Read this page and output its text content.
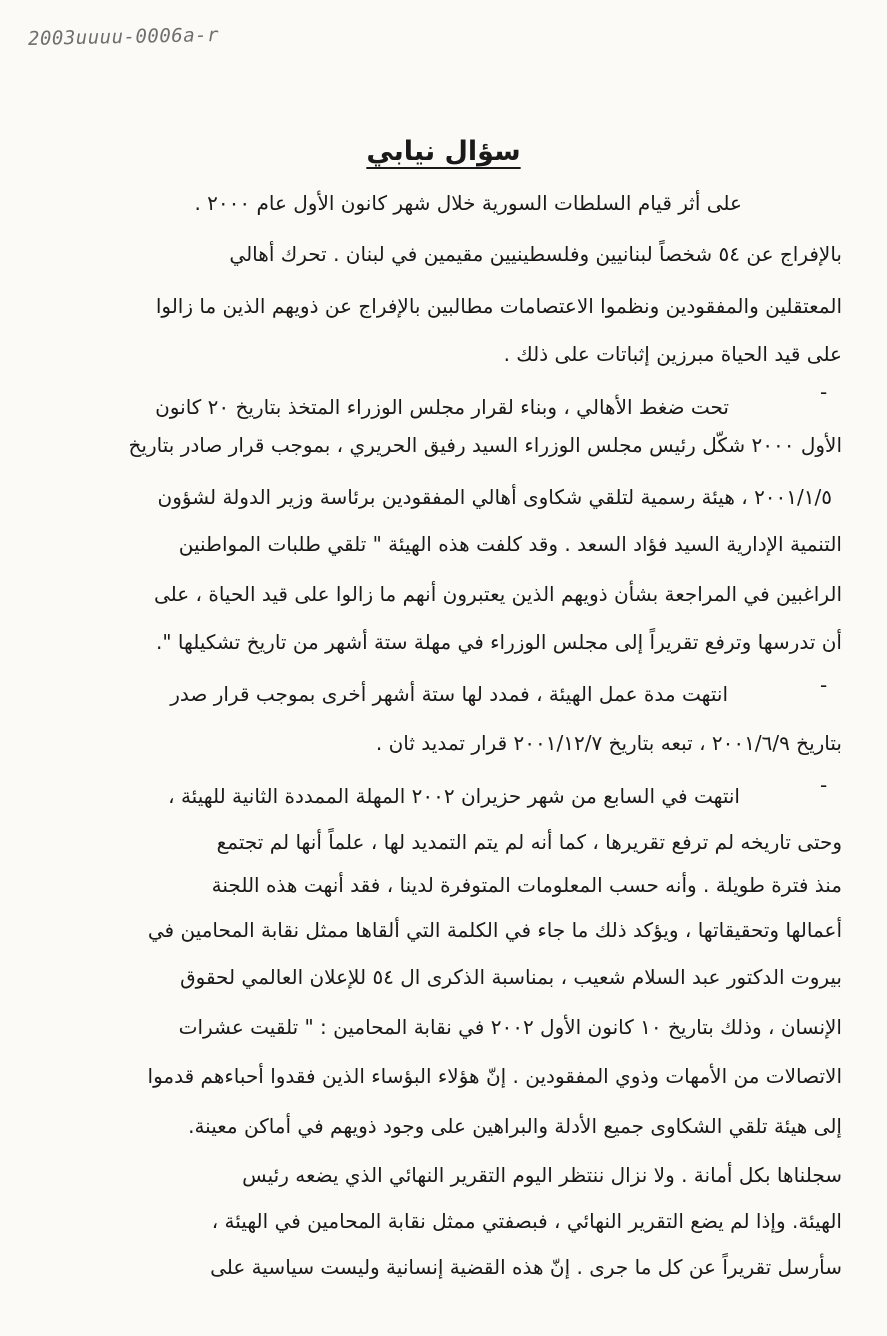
2003uuuu-0006a-r
سؤال نيابي
على أثر قيام السلطات السورية خلال شهر كانون الأول عام ٢٠٠٠ .
بالإفراج عن ٥٤ شخصاً لبنانيين وفلسطينيين مقيمين في لبنان . تحرك أهالي
المعتقلين والمفقودين ونظموا الاعتصامات مطالبين بالإفراج عن ذويهم الذين ما زالوا
على قيد الحياة مبرزين إثباتات على ذلك .
-
تحت ضغط الأهالي ، وبناء لقرار مجلس الوزراء المتخذ بتاريخ ٢٠ كانون
الأول ٢٠٠٠ شكّل رئيس مجلس الوزراء السيد رفيق الحريري ، بموجب قرار صادر بتاريخ
٢٠٠١/١/٥ ، هيئة رسمية لتلقي شكاوى أهالي المفقودين برئاسة وزير الدولة لشؤون
التنمية الإدارية السيد فؤاد السعد . وقد كلفت هذه الهيئة " تلقي طلبات المواطنين
الراغبين في المراجعة بشأن ذويهم الذين يعتبرون أنهم ما زالوا على قيد الحياة ، على
أن تدرسها وترفع تقريراً إلى مجلس الوزراء في مهلة ستة أشهر من تاريخ تشكيلها ".
-
انتهت مدة عمل الهيئة ، فمدد لها ستة أشهر أخرى بموجب قرار صدر
بتاريخ ٢٠٠١/٦/٩ ، تبعه بتاريخ ٢٠٠١/١٢/٧ قرار تمديد ثان .
-
انتهت في السابع من شهر حزيران ٢٠٠٢ المهلة الممددة الثانية للهيئة ،
وحتى تاريخه لم ترفع تقريرها ، كما أنه لم يتم التمديد لها ، علماً أنها لم تجتمع
منذ فترة طويلة . وأنه حسب المعلومات المتوفرة لدينا ، فقد أنهت هذه اللجنة
أعمالها وتحقيقاتها ، ويؤكد ذلك ما جاء في الكلمة التي ألقاها ممثل نقابة المحامين في
بيروت الدكتور عبد السلام شعيب ، بمناسبة الذكرى ال ٥٤ للإعلان العالمي لحقوق
الإنسان ، وذلك بتاريخ ١٠ كانون الأول ٢٠٠٢ في نقابة المحامين : " تلقيت عشرات
الاتصالات من الأمهات وذوي المفقودين . إنّ هؤلاء البؤساء الذين فقدوا أحباءهم قدموا
إلى هيئة تلقي الشكاوى جميع الأدلة والبراهين على وجود ذويهم في أماكن معينة.
سجلناها بكل أمانة . ولا نزال ننتظر اليوم التقرير النهائي الذي يضعه رئيس
الهيئة. وإذا لم يضع التقرير النهائي ، فبصفتي ممثل نقابة المحامين في الهيئة ،
سأرسل تقريراً عن كل ما جرى . إنّ هذه القضية إنسانية وليست سياسية على
